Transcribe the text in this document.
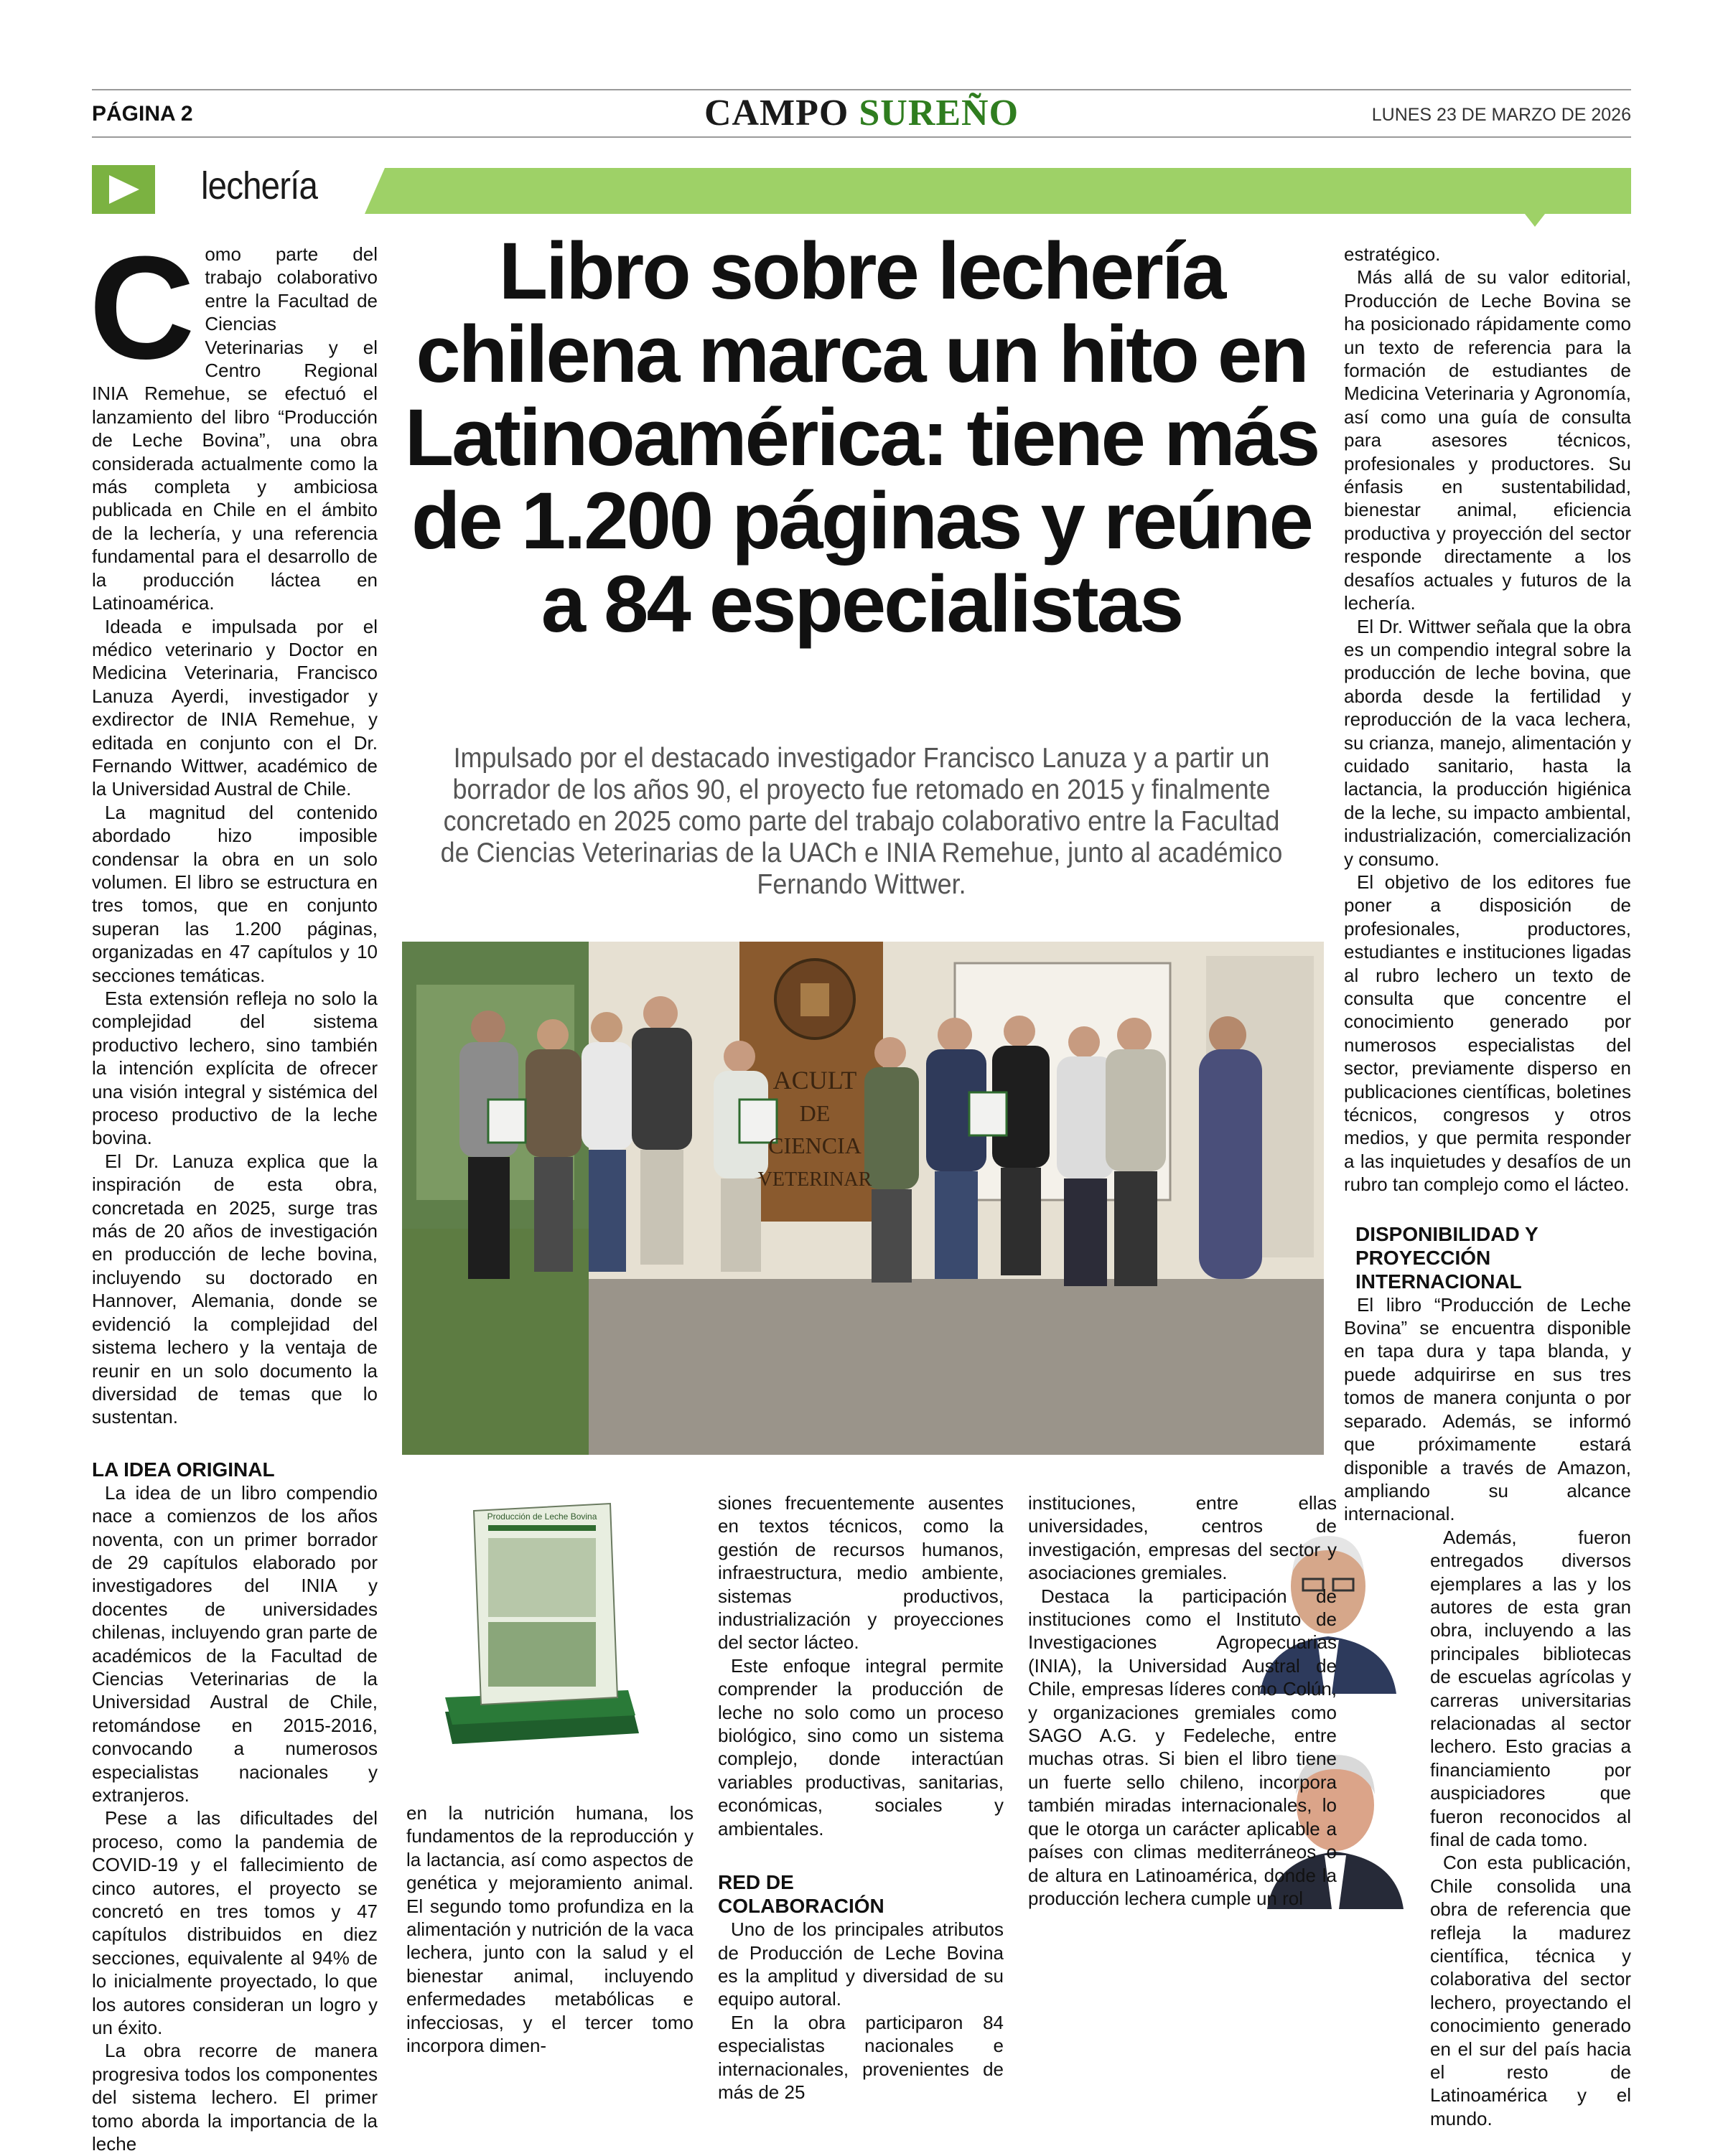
PÁGINA 2	CAMPO SUREÑO	LUNES 23 DE MARZO DE 2026
lechería
Libro sobre lechería
chilena marca un hito en
Latinoamérica: tiene más
de 1.200 páginas y reúne
a 84 especialistas

Impulsado por el destacado investigador Francisco Lanuza y a partir un borrador de los años 90, el proyecto fue retomado en 2015 y finalmente concretado en 2025 como parte del trabajo colaborativo entre la Facultad de Ciencias Veterinarias de la UACh e INIA Remehue, junto al académico Fernando Wittwer.

Como parte del trabajo colaborativo entre la Facultad de Ciencias Veterinarias y el Centro Regional INIA Remehue, se efectuó el lanzamiento del libro “Producción de Leche Bovina”, una obra considerada actualmente como la más completa y ambiciosa publicada en Chile en el ámbito de la lechería, y una referencia fundamental para el desarrollo de la producción láctea en Latinoamérica.

Ideada e impulsada por el médico veterinario y Doctor en Medicina Veterinaria, Francisco Lanuza Ayerdi, investigador y exdirector de INIA Remehue, y editada en conjunto con el Dr. Fernando Wittwer, académico de la Universidad Austral de Chile.

La magnitud del contenido abordado hizo imposible condensar la obra en un solo volumen. El libro se estructura en tres tomos, que en conjunto superan las 1.200 páginas, organizadas en 47 capítulos y 10 secciones temáticas.

Esta extensión refleja no solo la complejidad del sistema productivo lechero, sino también la intención explícita de ofrecer una visión integral y sistémica del proceso productivo de la leche bovina.

El Dr. Lanuza explica que la inspiración de esta obra, concretada en 2025, surge tras más de 20 años de investigación en producción de leche bovina, incluyendo su doctorado en Hannover, Alemania, donde se evidenció la complejidad del sistema lechero y la ventaja de reunir en un solo documento la diversidad de temas que lo sustentan.

LA IDEA ORIGINAL

La idea de un libro compendio nace a comienzos de los años noventa, con un primer borrador de 29 capítulos elaborado por investigadores del INIA y docentes de universidades chilenas, incluyendo gran parte de académicos de la Facultad de Ciencias Veterinarias de la Universidad Austral de Chile, retomándose en 2015-2016, convocando a numerosos especialistas nacionales y extranjeros.

Pese a las dificultades del proceso, como la pandemia de COVID-19 y el fallecimiento de cinco autores, el proyecto se concretó en tres tomos y 47 capítulos distribuidos en diez secciones, equivalente al 94% de lo inicialmente proyectado, lo que los autores consideran un logro y un éxito.

La obra recorre de manera progresiva todos los componentes del sistema lechero. El primer tomo aborda la importancia de la leche

ACULT
DE
CIENCIA
VETERINAR
Producción de Leche Bovina

en la nutrición humana, los fundamentos de la reproducción y la lactancia, así como aspectos de genética y mejoramiento animal. El segundo tomo profundiza en la alimentación y nutrición de la vaca lechera, junto con la salud y el bienestar animal, incluyendo enfermedades metabólicas e infecciosas, y el tercer tomo incorpora dimen-

siones frecuentemente ausentes en textos técnicos, como la gestión de recursos humanos, infraestructura, medio ambiente, sistemas productivos, industrialización y proyecciones del sector lácteo.

Este enfoque integral permite comprender la producción de leche no solo como un proceso biológico, sino como un sistema complejo, donde interactúan variables productivas, sanitarias, económicas, sociales y ambientales.

RED DE COLABORACIÓN

Uno de los principales atributos de Producción de Leche Bovina es la amplitud y diversidad de su equipo autoral.

En la obra participaron 84 especialistas nacionales e internacionales, provenientes de más de 25

instituciones, entre ellas universidades, centros de investigación, empresas del sector y asociaciones gremiales.

Destaca la participación de instituciones como el Instituto de Investigaciones Agropecuarias (INIA), la Universidad Austral de Chile, empresas líderes como Colún, y organizaciones gremiales como SAGO A.G. y Fedeleche, entre muchas otras. Si bien el libro tiene un fuerte sello chileno, incorpora también miradas internacionales, lo que le otorga un carácter aplicable a países con climas mediterráneos o de altura en Latinoamérica, donde la producción lechera cumple un rol

estratégico.

Más allá de su valor editorial, Producción de Leche Bovina se ha posicionado rápidamente como un texto de referencia para la formación de estudiantes de Medicina Veterinaria y Agronomía, así como una guía de consulta para asesores técnicos, profesionales y productores. Su énfasis en sustentabilidad, bienestar animal, eficiencia productiva y proyección del sector responde directamente a los desafíos actuales y futuros de la lechería.

El Dr. Wittwer señala que la obra es un compendio integral sobre la producción de leche bovina, que aborda desde la fertilidad y reproducción de la vaca lechera, su crianza, manejo, alimentación y cuidado sanitario, hasta la lactancia, la producción higiénica de la leche, su impacto ambiental, industrialización, comercialización y consumo.

El objetivo de los editores fue poner a disposición de profesionales, productores, estudiantes e instituciones ligadas al rubro lechero un texto de consulta que concentre el conocimiento generado por numerosos especialistas del sector, previamente disperso en publicaciones científicas, boletines técnicos, congresos y otros medios, y que permita responder a las inquietudes y desafíos de un rubro tan complejo como el lácteo.

DISPONIBILIDAD Y PROYECCIÓN INTERNACIONAL

El libro “Producción de Leche Bovina” se encuentra disponible en tapa dura y tapa blanda, y puede adquirirse en sus tres tomos de manera conjunta o por separado. Además, se informó que próximamente estará disponible a través de Amazon, ampliando su alcance internacional.

Además, fueron entregados diversos ejemplares a las y los autores de esta gran obra, incluyendo a las principales bibliotecas de escuelas agrícolas y carreras universitarias relacionadas al sector lechero. Esto gracias a financiamiento por auspiciadores que fueron reconocidos al final de cada tomo.

Con esta publicación, Chile consolida una obra de referencia que refleja la madurez científica, técnica y colaborativa del sector lechero, proyectando el conocimiento generado en el sur del país hacia el resto de Latinoamérica y el mundo.
